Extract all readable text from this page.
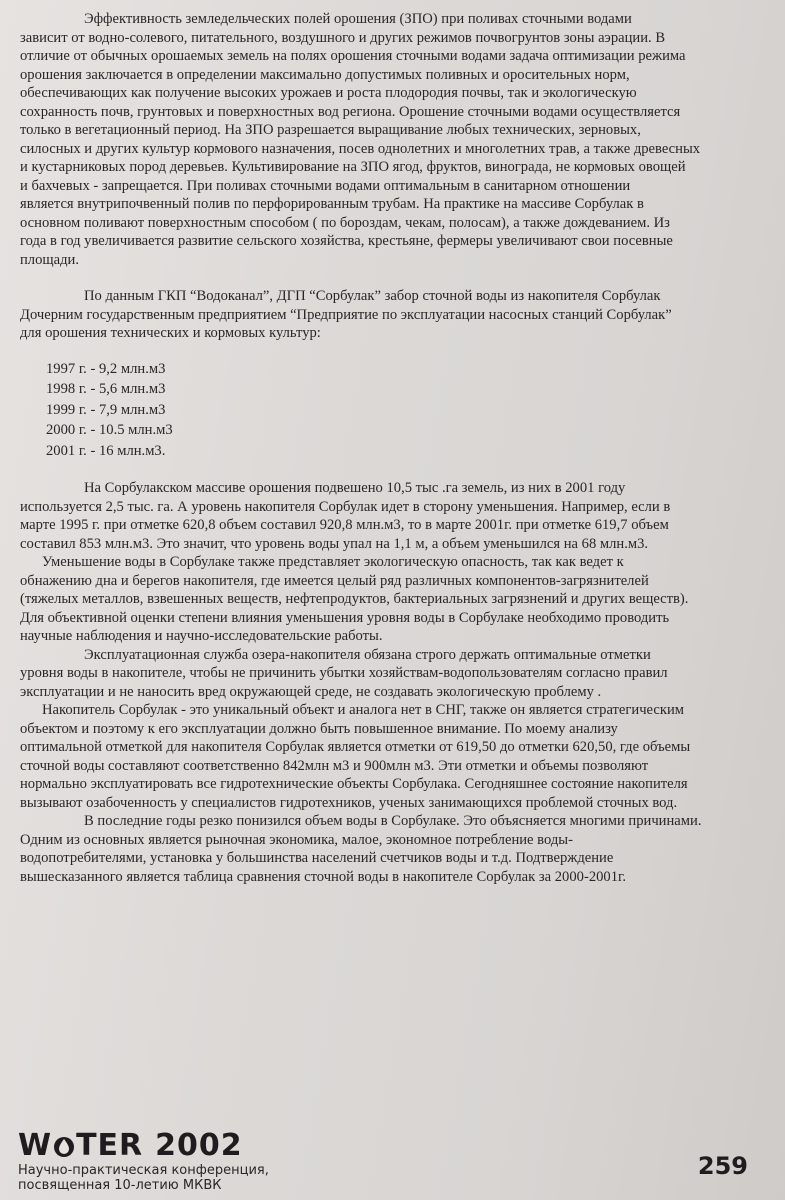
Эффективность земледельческих полей орошения (ЗПО) при поливах сточными водами
зависит от водно-солевого, питательного, воздушного и других режимов почвогрунтов зоны аэрации. В
отличие от обычных орошаемых земель на полях орошения сточными водами задача оптимизации режима
орошения заключается в определении максимально допустимых поливных и оросительных норм,
обеспечивающих как получение высоких урожаев и роста плодородия почвы, так и экологическую
сохранность почв, грунтовых и поверхностных вод региона. Орошение сточными водами осуществляется
только в вегетационный период. На ЗПО разрешается выращивание любых технических, зерновых,
силосных и других культур кормового назначения, посев однолетних и многолетних трав, а также древесных
и кустарниковых пород деревьев. Культивирование на ЗПО ягод, фруктов, винограда, не кормовых овощей
и бахчевых - запрещается. При поливах сточными водами оптимальным в санитарном отношении
является внутрипочвенный полив по перфорированным трубам. На практике на массиве Сорбулак в
основном поливают поверхностным способом ( по бороздам, чекам, полосам), а также дождеванием. Из
года в год увеличивается развитие сельского хозяйства, крестьяне, фермеры увеличивают свои посевные
площади.

По данным ГКП “Водоканал”, ДГП “Сорбулак” забор сточной воды из накопителя Сорбулак
Дочерним государственным предприятием “Предприятие по эксплуатации насосных станций Сорбулак”
для орошения технических и кормовых культур:

1997 г. - 9,2 млн.м3
1998 г. - 5,6 млн.м3
1999 г. - 7,9 млн.м3
2000 г. - 10.5 млн.м3
2001 г. - 16 млн.м3.

На Сорбулакском массиве орошения подвешено 10,5 тыс .га земель, из них в 2001 году
используется 2,5 тыс. га. А уровень накопителя Сорбулак идет в сторону уменьшения. Например, если в
марте 1995 г. при отметке 620,8 объем составил 920,8 млн.м3, то в марте 2001г. при отметке 619,7 объем
составил 853 млн.м3. Это значит, что уровень воды упал на 1,1 м, а объем уменьшился на 68 млн.м3.

Уменьшение воды в Сорбулаке также представляет экологическую опасность, так как ведет к
обнажению дна и берегов накопителя, где имеется целый ряд различных компонентов-загрязнителей
(тяжелых металлов, взвешенных веществ, нефтепродуктов, бактериальных загрязнений и других веществ).
Для объективной оценки степени влияния уменьшения уровня воды в Сорбулаке необходимо проводить
научные наблюдения и научно-исследовательские работы.

Эксплуатационная служба озера-накопителя обязана строго держать оптимальные отметки
уровня воды в накопителе, чтобы не причинить убытки хозяйствам-водопользователям согласно правил
эксплуатации и не наносить вред окружающей среде, не создавать экологическую проблему .

Накопитель Сорбулак - это уникальный объект и аналога нет в СНГ, также он является стратегическим
объектом и поэтому к его эксплуатации должно быть повышенное внимание. По моему анализу
оптимальной отметкой для накопителя Сорбулак является отметки от 619,50 до отметки 620,50, где объемы
сточной воды составляют соответственно 842млн м3 и 900млн м3. Эти отметки и объемы позволяют
нормально эксплуатировать все гидротехнические объекты Сорбулака. Сегодняшнее состояние накопителя
вызывают озабоченность у специалистов гидротехников, ученых занимающихся проблемой сточных вод.

В последние годы резко понизился объем воды в Сорбулаке. Это объясняется многими причинами.
Одним из основных является рыночная экономика, малое, экономное потребление воды-
водопотребителями, установка у большинства населений счетчиков воды и т.д. Подтверждение
вышесказанного является таблица сравнения сточной воды в накопителе Сорбулак за 2000-2001г.

W TER 2002
Научно-практическая конференция,
посвященная 10-летию МКВК
259
